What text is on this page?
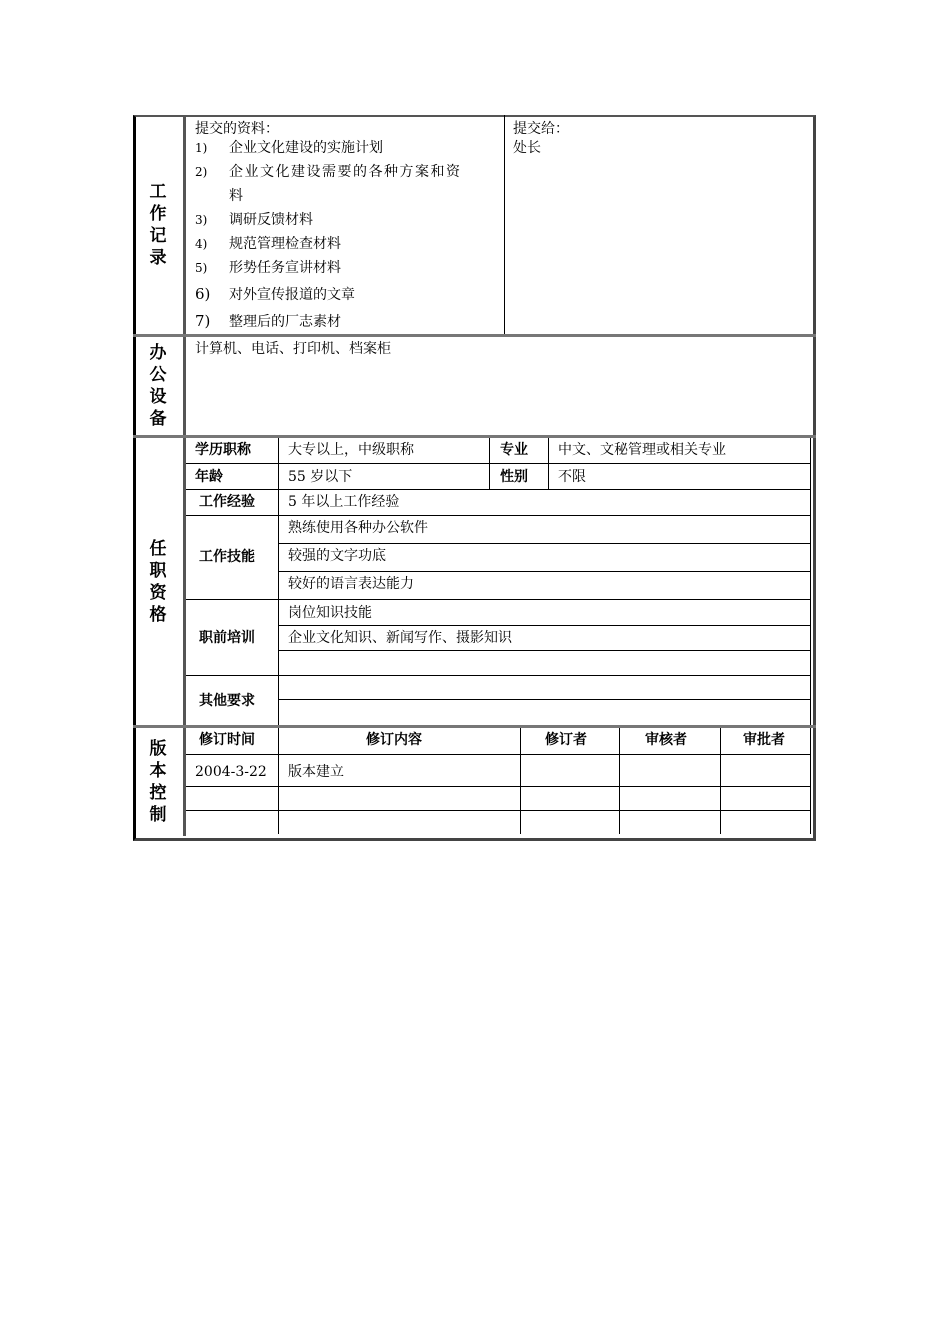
工
作
记
录
提交的资料：
1) 企业文化建设的实施计划
2) 企业文化建设需要的各种方案和资
料
3) 调研反馈材料
4) 规范管理检查材料
5) 形势任务宣讲材料
6) 对外宣传报道的文章
7) 整理后的厂志素材
提交给：
处长
办
公
设
备
计算机、电话、打印机、档案柜
任
职
资
格
学历职称	大专以上，中级职称	专业 中文、文秘管理或相关专业
年龄	55 岁以下	性别 不限
工作经验 5 年以上工作经验
工作技能
熟练使用各种办公软件
较强的文字功底
较好的语言表达能力
职前培训
岗位知识技能
企业文化知识、新闻写作、摄影知识
其他要求
版
本
控
制
修订时间	修订内容	修订者	审核者	审批者
2004-3-22 版本建立
